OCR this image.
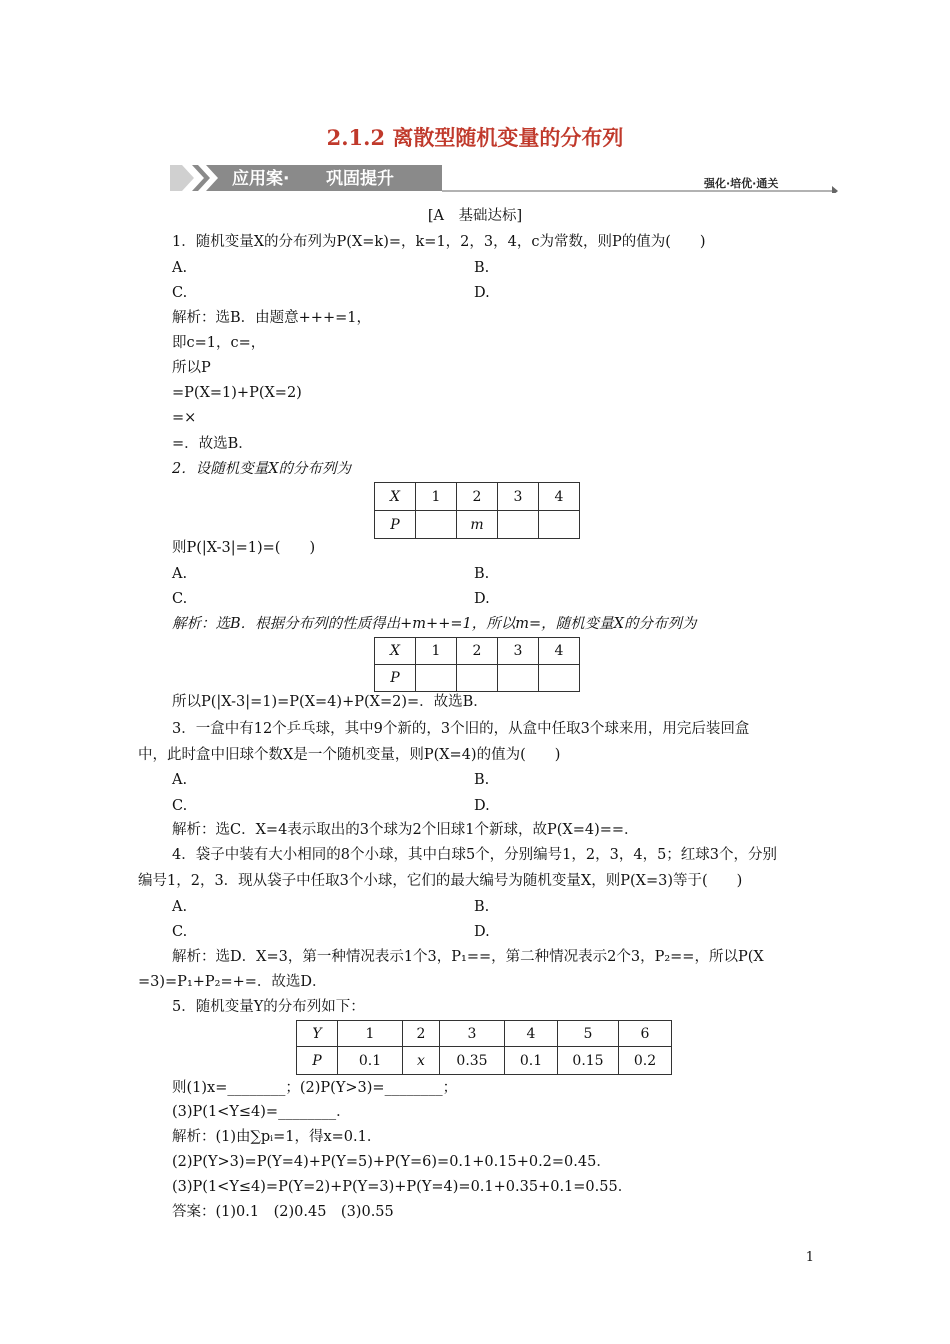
2.1.2 离散型随机变量的分布列
应用案· 巩固提升	强化·培优·通关
[A　基础达标]
1．随机变量X的分布列为P(X=k)=，k=1，2，3，4，c为常数，则P的值为(　　)
A.	B.
C.	D.
解析：选B．由题意+++=1，
即c=1，c=，
所以P
=P(X=1)+P(X=2)
=×
=．故选B．
2．设随机变量X的分布列为
X	1	2	3	4
P		m		
则P(|X-3|=1)=(　　)
A.	B.
C.	D.
解析：选B．根据分布列的性质得出+m++=1，所以m=，随机变量X的分布列为
X	1	2	3	4
P				
所以P(|X-3|=1)=P(X=4)+P(X=2)=．故选B．
3．一盒中有12个乒乓球，其中9个新的，3个旧的，从盒中任取3个球来用，用完后装回盒
中，此时盒中旧球个数X是一个随机变量，则P(X=4)的值为(　　)
A.	B.
C.	D.
解析：选C．X=4表示取出的3个球为2个旧球1个新球，故P(X=4)==．
4．袋子中装有大小相同的8个小球，其中白球5个，分别编号1，2，3，4，5；红球3个，分别
编号1，2，3．现从袋子中任取3个小球，它们的最大编号为随机变量X，则P(X=3)等于(　　)
A.	B.
C.	D.
解析：选D．X=3，第一种情况表示1个3，P₁==，第二种情况表示2个3，P₂==，所以P(X
=3)=P₁+P₂=+=．故选D．
5．随机变量Y的分布列如下：
Y	1	2	3	4	5	6
P	0.1	x	0.35	0.1	0.15	0.2
则(1)x=________；(2)P(Y>3)=________；
(3)P(1<Y≤4)=________．
解析：(1)由∑pᵢ=1，得x=0.1．
(2)P(Y>3)=P(Y=4)+P(Y=5)+P(Y=6)=0.1+0.15+0.2=0.45．
(3)P(1<Y≤4)=P(Y=2)+P(Y=3)+P(Y=4)=0.1+0.35+0.1=0.55．
答案：(1)0.1　(2)0.45　(3)0.55
1
